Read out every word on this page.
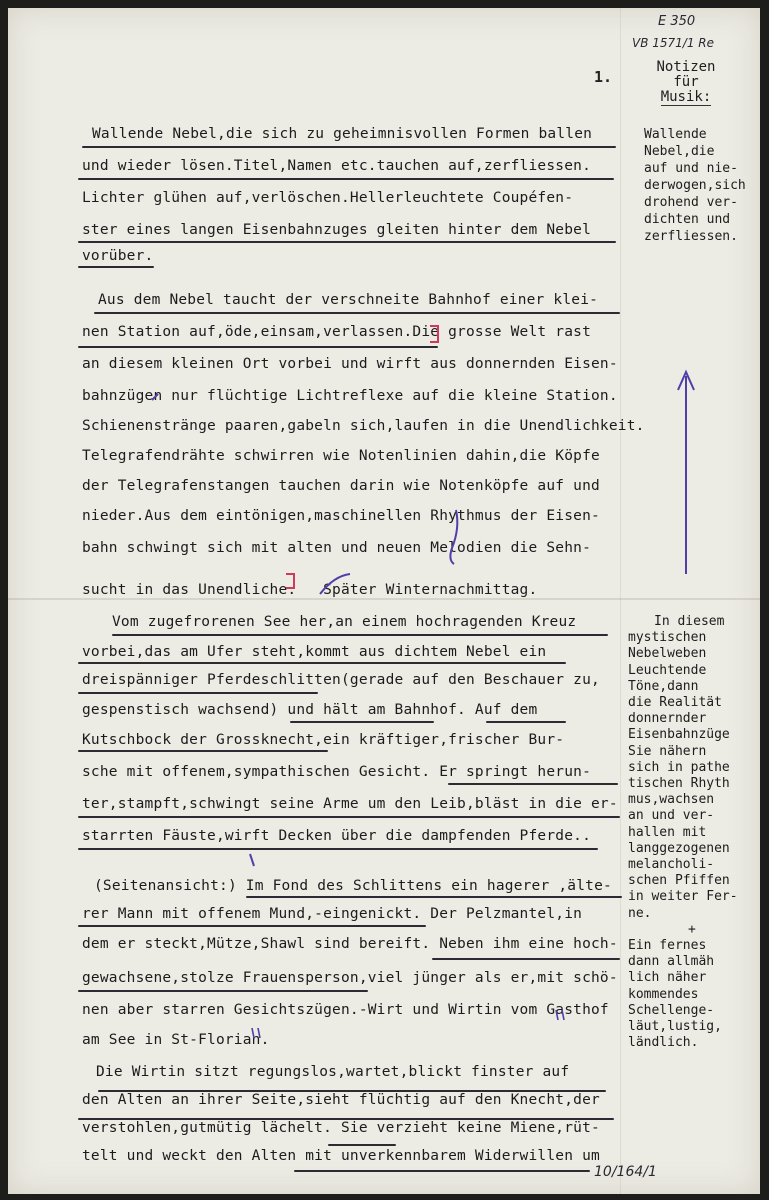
E 350
VB 1571/1 Re
10/164/1
1.
Notizen
für
Musik:
Wallende
Nebel,die
auf und nie-
derwogen,sich
drohend ver-
dichten und
zerfliessen.
In diesem
mystischen
Nebelweben
Leuchtende
Töne,dann
die Realität
donnernder
Eisenbahnzüge
Sie nähern
sich in pathe
tischen Rhyth
mus,wachsen
an und ver-
hallen mit
langgezogenen
melancholi-
schen Pfiffen
in weiter Fer-
ne.
+
Ein fernes
dann allmäh
lich näher
kommendes
Schellenge-
läut,lustig,
ländlich.
Wallende Nebel,die sich zu geheimnisvollen Formen ballen
und wieder lösen.Titel,Namen etc.tauchen auf,zerfliessen.
Lichter glühen auf,verlöschen.Hellerleuchtete Coupéfen-
ster eines langen Eisenbahnzuges gleiten hinter dem Nebel
vorüber.
Aus dem Nebel taucht der verschneite Bahnhof einer klei-
nen Station auf,öde,einsam,verlassen.Die grosse Welt rast
an diesem kleinen Ort vorbei und wirft aus donnernden Eisen-
bahnzügen nur flüchtige Lichtreflexe auf die kleine Station.
Schienenstränge paaren,gabeln sich,laufen in die Unendlichkeit.
Telegrafendrähte schwirren wie Notenlinien dahin,die Köpfe
der Telegrafenstangen tauchen darin wie Notenköpfe auf und
nieder.Aus dem eintönigen,maschinellen Rhythmus der Eisen-
bahn schwingt sich mit alten und neuen Melodien die Sehn-
sucht in das Unendliche.   Später Winternachmittag.
Vom zugefrorenen See her,an einem hochragenden Kreuz
vorbei,das am Ufer steht,kommt aus dichtem Nebel ein
dreispänniger Pferdeschlitten(gerade auf den Beschauer zu,
gespenstisch wachsend) und hält am Bahnhof. Auf dem
Kutschbock der Grossknecht,ein kräftiger,frischer Bur-
sche mit offenem,sympathischen Gesicht. Er springt herun-
ter,stampft,schwingt seine Arme um den Leib,bläst in die er-
starrten Fäuste,wirft Decken über die dampfenden Pferde..
(Seitenansicht:) Im Fond des Schlittens ein hagerer ,älte-
rer Mann mit offenem Mund,-eingenickt. Der Pelzmantel,in
dem er steckt,Mütze,Shawl sind bereift. Neben ihm eine hoch-
gewachsene,stolze Frauensperson,viel jünger als er,mit schö-
nen aber starren Gesichtszügen.-Wirt und Wirtin vom Gasthof
am See in St-Florian.
Die Wirtin sitzt regungslos,wartet,blickt finster auf
den Alten an ihrer Seite,sieht flüchtig auf den Knecht,der
verstohlen,gutmütig lächelt. Sie verzieht keine Miene,rüt-
telt und weckt den Alten mit unverkennbarem Widerwillen um
